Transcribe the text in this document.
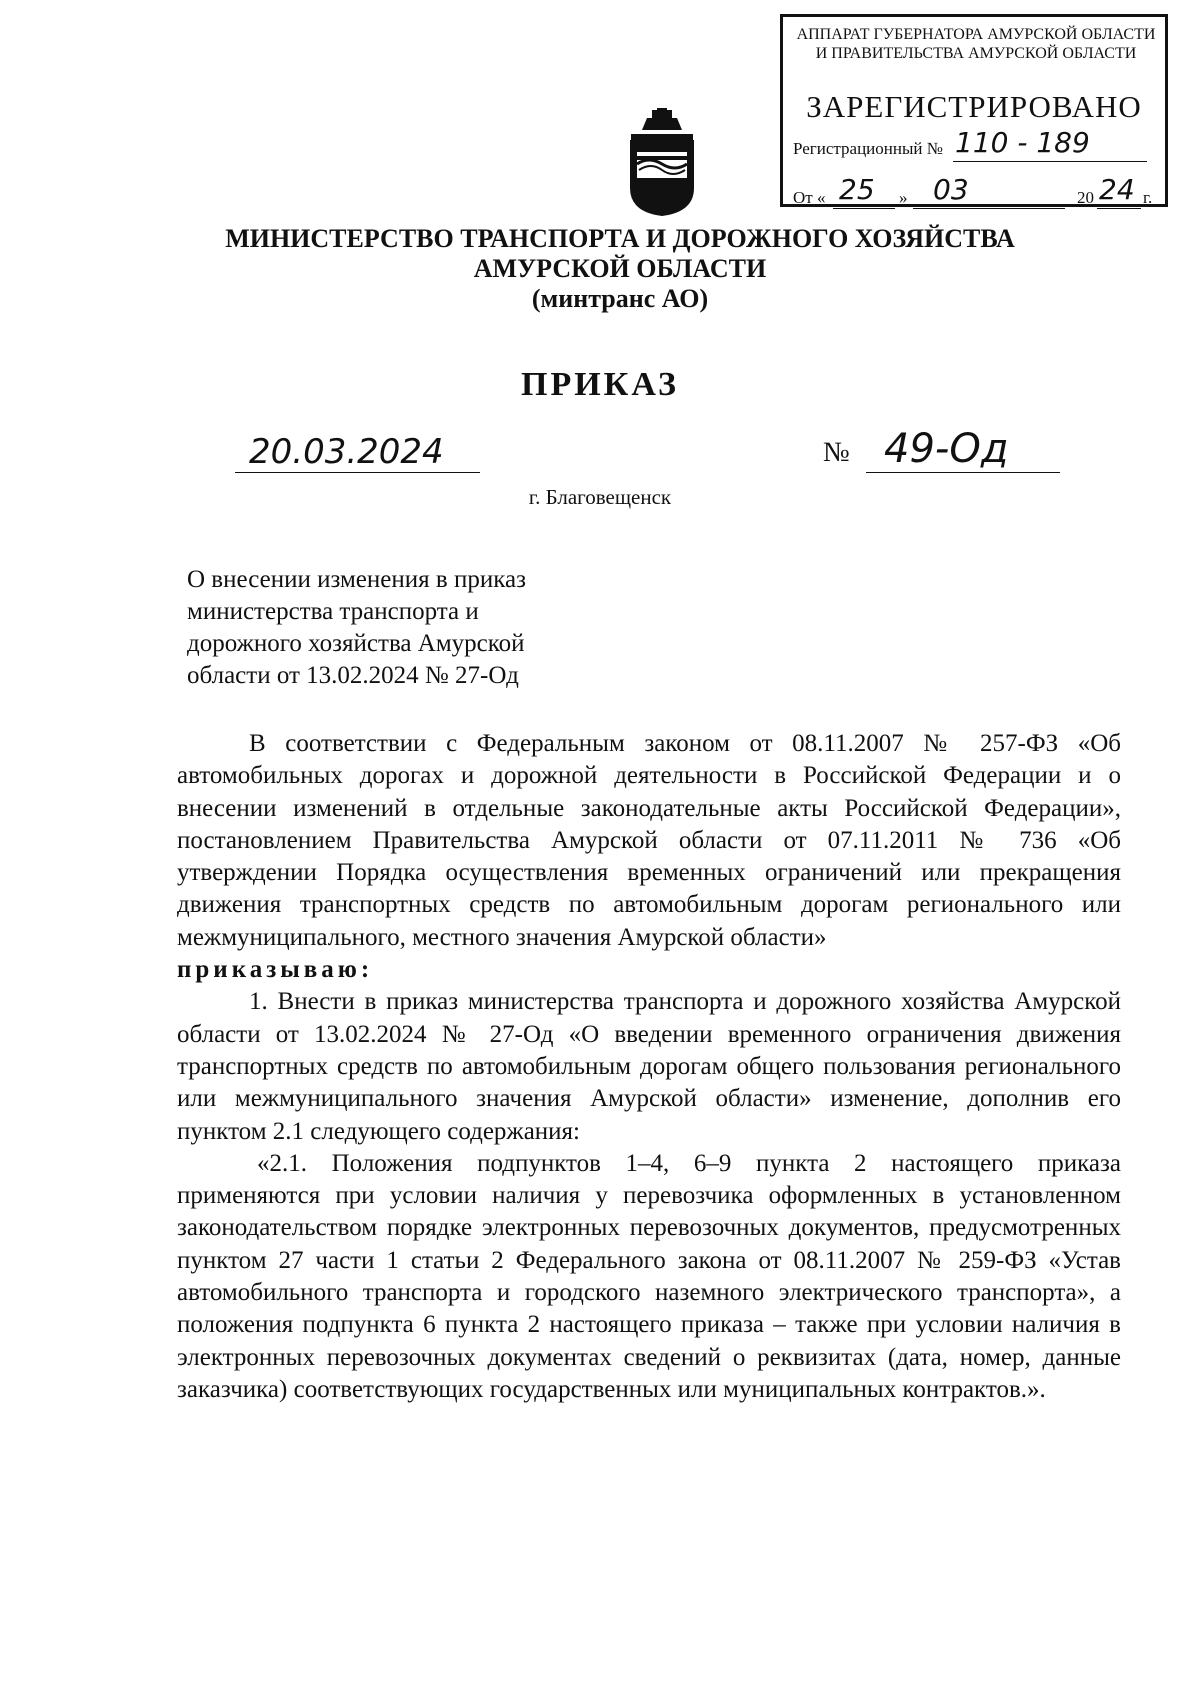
АППАРАТ ГУБЕРНАТОРА АМУРСКОЙ ОБЛАСТИ
И ПРАВИТЕЛЬСТВА АМУРСКОЙ ОБЛАСТИ
ЗАРЕГИСТРИРОВАНО
Регистрационный № 110 - 189
От « 25 » 03	20 24 г.
МИНИСТЕРСТВО ТРАНСПОРТА И ДОРОЖНОГО ХОЗЯЙСТВА
АМУРСКОЙ ОБЛАСТИ
(минтранс АО)
ПРИКАЗ
20.03.2024	№ 49-Од
г. Благовещенск
О внесении изменения в приказ
министерства транспорта и
дорожного хозяйства Амурской
области от 13.02.2024 № 27-Од

В соответствии с Федеральным законом от 08.11.2007 № 257-ФЗ «Об автомобильных дорогах и дорожной деятельности в Российской Федерации и о внесении изменений в отдельные законодательные акты Российской Федерации», постановлением Правительства Амурской области от 07.11.2011 № 736 «Об утверждении Порядка осуществления временных ограничений или прекращения движения транспортных средств по автомобильным дорогам регионального или межмуниципального, местного значения Амурской области»

приказываю:

1. Внести в приказ министерства транспорта и дорожного хозяйства Амурской области от 13.02.2024 № 27-Од «О введении временного ограничения движения транспортных средств по автомобильным дорогам общего пользования регионального или межмуниципального значения Амурской области» изменение, дополнив его пунктом 2.1 следующего содержания:

«2.1. Положения подпунктов 1–4, 6–9 пункта 2 настоящего приказа применяются при условии наличия у перевозчика оформленных в установленном законодательством порядке электронных перевозочных документов, предусмотренных пунктом 27 части 1 статьи 2 Федерального закона от 08.11.2007 № 259-ФЗ «Устав автомобильного транспорта и городского наземного электрического транспорта», а положения подпункта 6 пункта 2 настоящего приказа – также при условии наличия в электронных перевозочных документах сведений о реквизитах (дата, номер, данные заказчика) соответствующих государственных или муниципальных контрактов.».
